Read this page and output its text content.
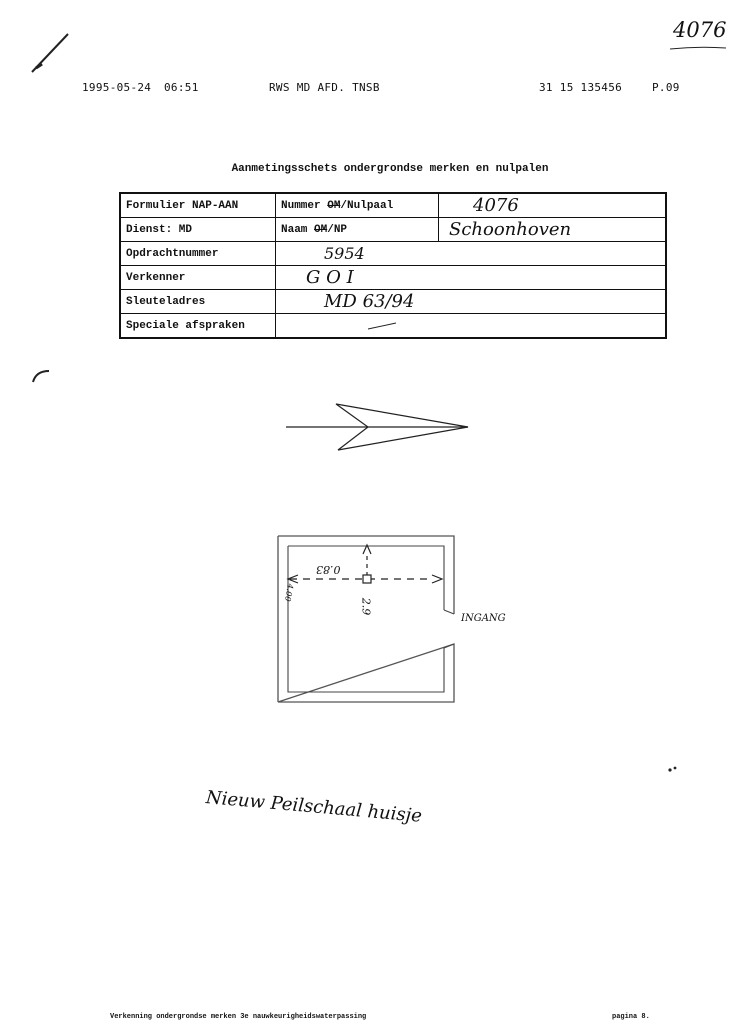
4076
1995-05-24 06:51	RWS MD AFD. TNSB	31 15 135456	P.09
Aanmetingsschets ondergrondse merken en nulpalen
Formulier NAP-AAN	Nummer OM/Nulpaal	4076
Dienst: MD	Naam OM/NP	Schoonhoven
Opdrachtnummer	5954	
Verkenner	G O I	
Sleuteladres	MD 63/94	
Speciale afspraken	
0.83
2.9
4.00
INGANG
Nieuw Peilschaal huisje
Verkenning ondergrondse merken 3e nauwkeurigheidswaterpassing	pagina 8.
